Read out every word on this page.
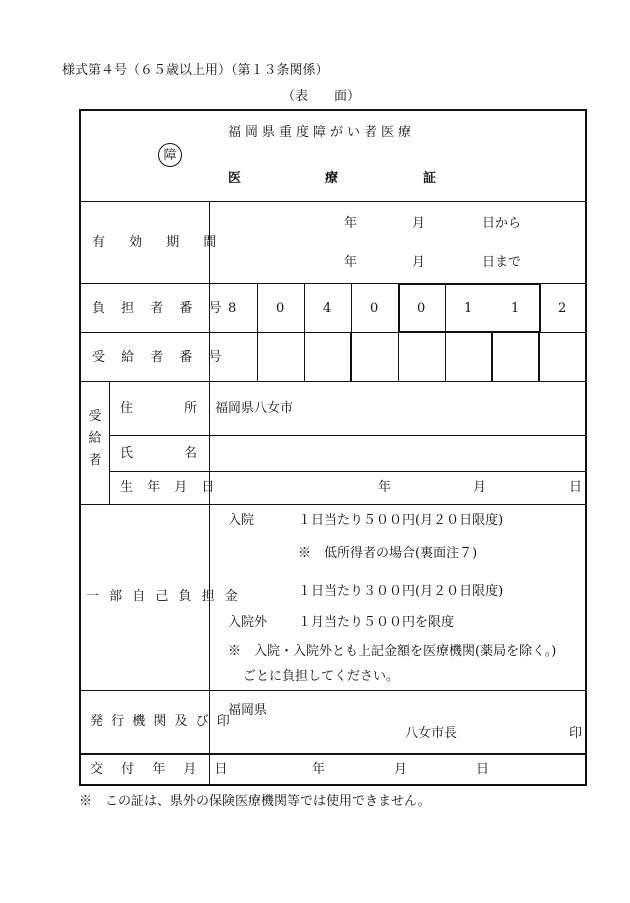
様式第４号（６５歳以上用）（第１３条関係）
（表　　面）
障
福岡県重度障がい者医療
医	療	証
有 効 期 間
年	月	日から
年	月	日まで
負 担 者 番 号 8	0	4	0	0	1	1	2
受 給 者 番 号
受
給
者
住	所 福岡県八女市
氏	名
生 年 月 日	年	月	日
一 部 自 己 負 担 金
入院	１日当たり５００円(月２０日限度)
※　低所得者の場合(裏面注７)
１日当たり３００円(月２０日限度)
入院外 １月当たり５００円を限度
※　入院・入院外とも上記金額を医療機関(薬局を除く。)
ごとに負担してください。
発 行 機 関 及 び 印
福岡県
八女市長	印
交 付 年 月 日	年	月	日
※　この証は、県外の保険医療機関等では使用できません。
